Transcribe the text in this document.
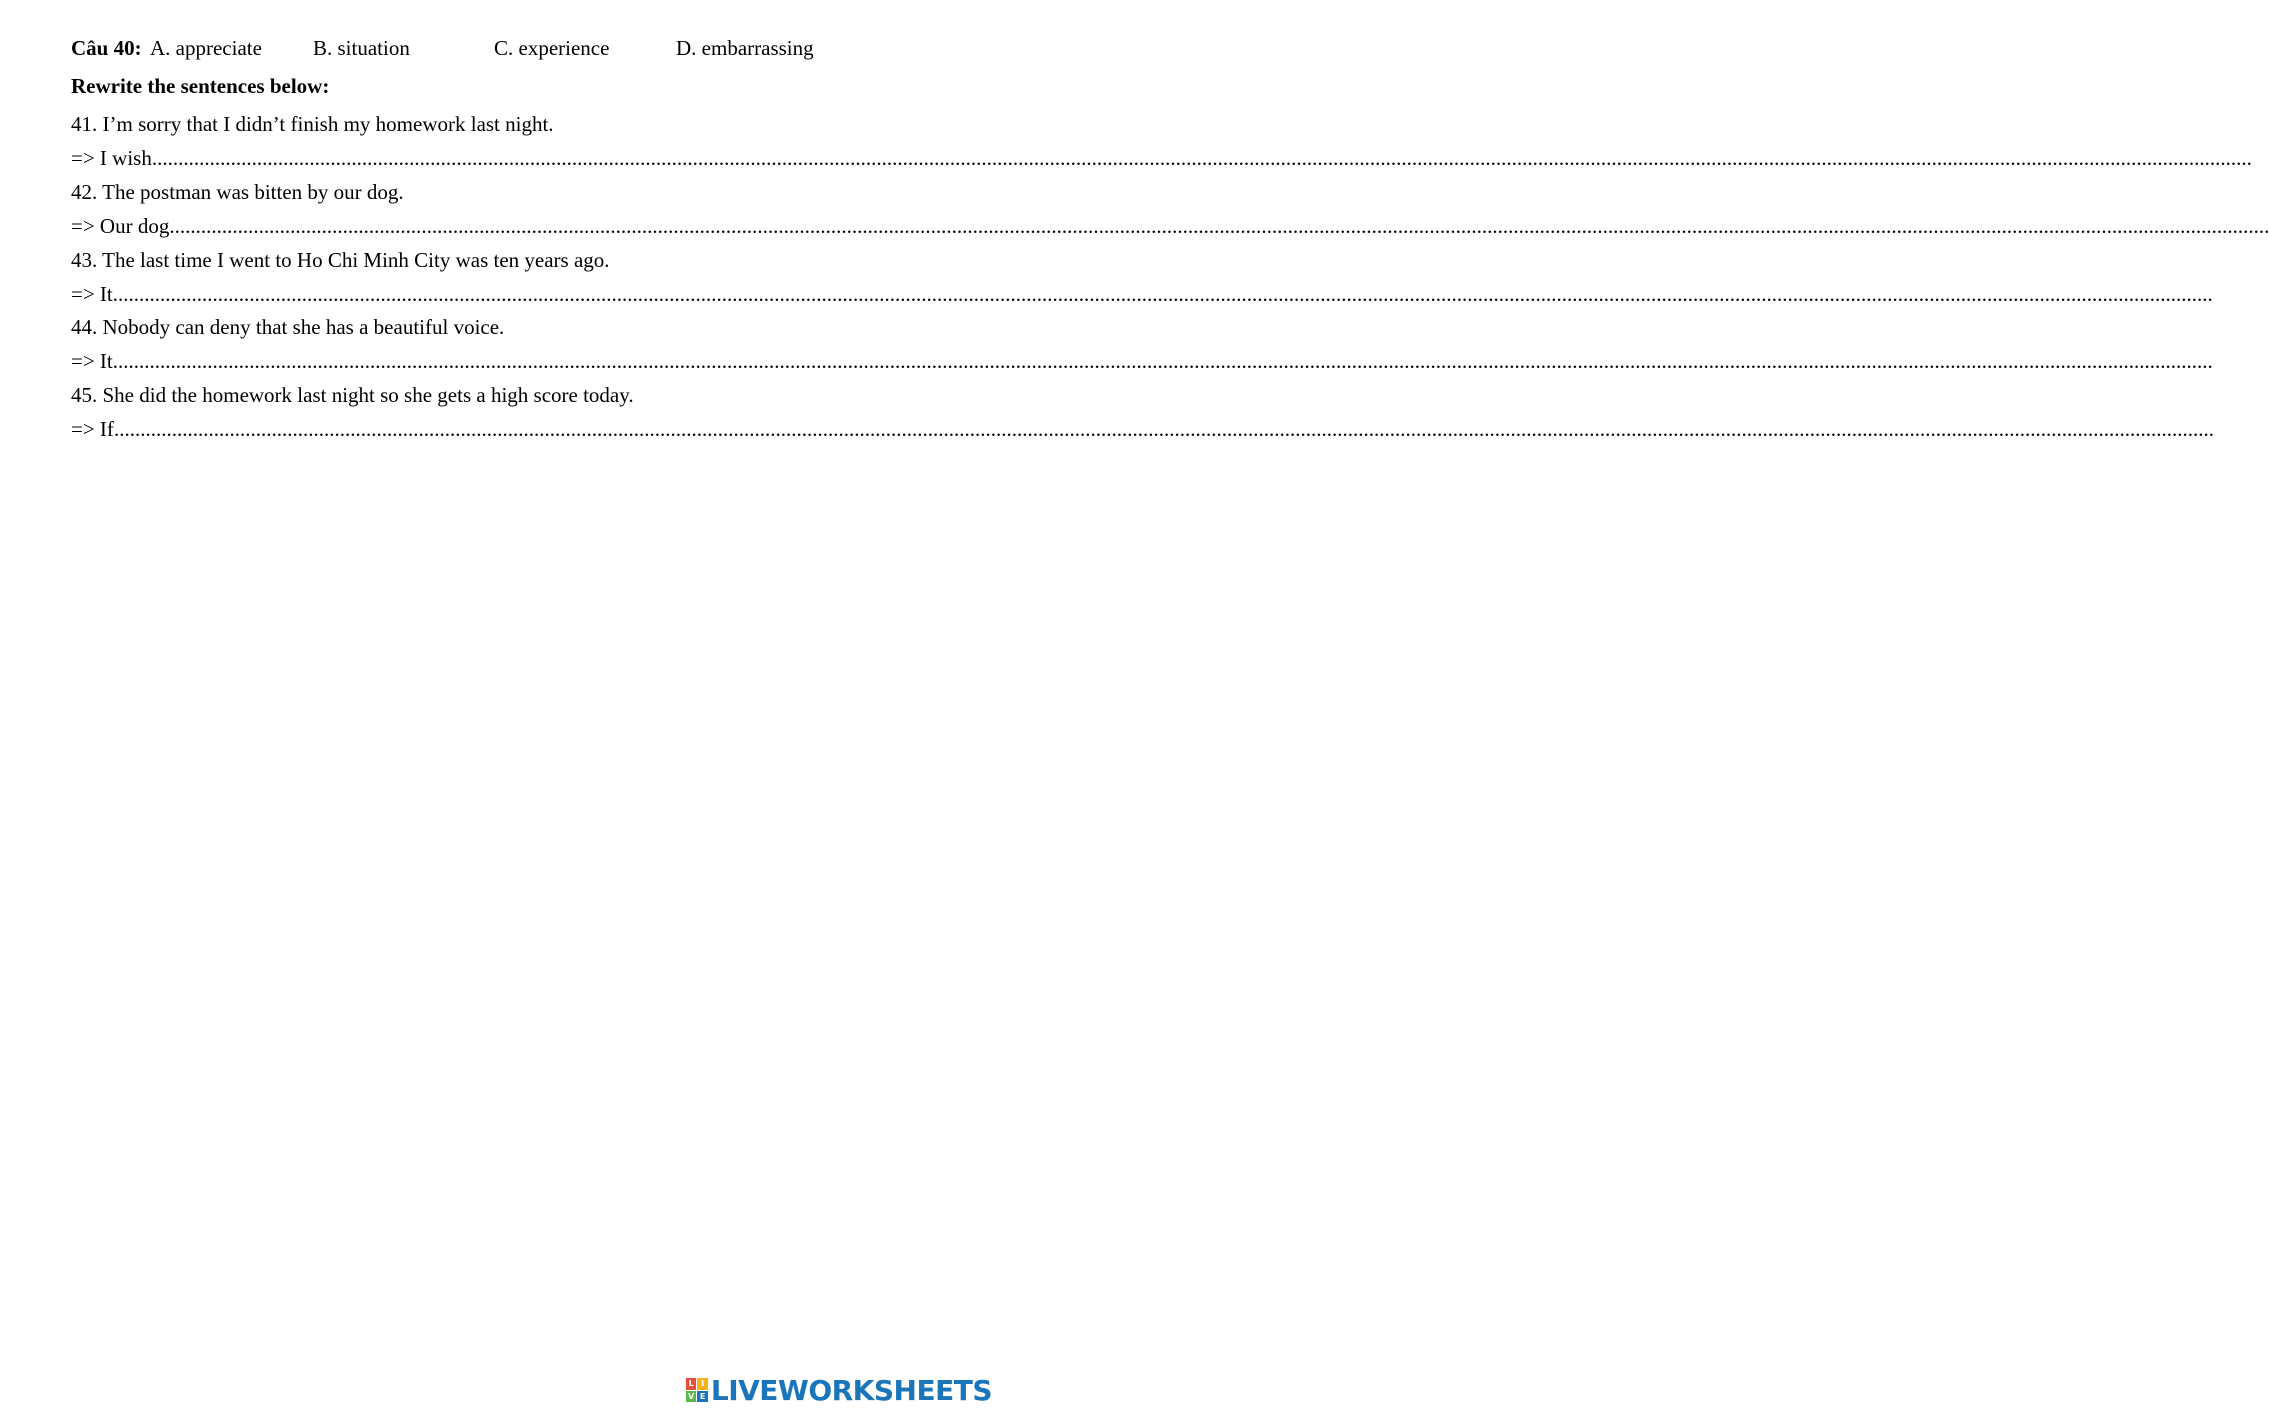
Câu 40: A. appreciate B. situation	C. experience	D. embarrassing
Rewrite the sentences below:
41. I’m sorry that I didn’t finish my homework last night.
=> I wish ................................................................................................................................................................................................................................................................................................................................................................................................................
42. The postman was bitten by our dog.
=> Our dog ................................................................................................................................................................................................................................................................................................................................................................................................................
43. The last time I went to Ho Chi Minh City was ten years ago.
=> It ................................................................................................................................................................................................................................................................................................................................................................................................................
44. Nobody can deny that she has a beautiful voice.
=> It ................................................................................................................................................................................................................................................................................................................................................................................................................
45. She did the homework last night so she gets a high score today.
=> If ................................................................................................................................................................................................................................................................................................................................................................................................................
L I
V E LIVEWORKSHEETS
